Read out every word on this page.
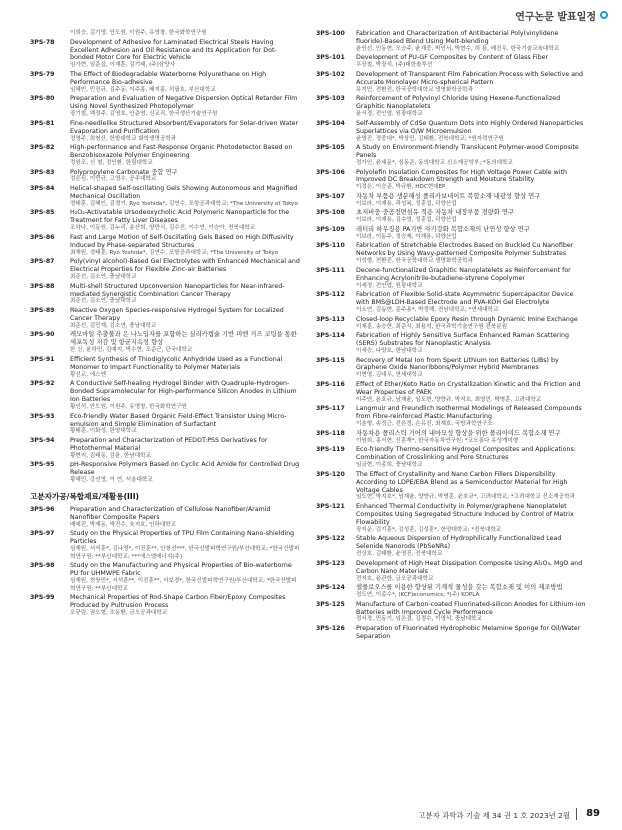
연구논문 발표일정
이희승, 김기영, 안도원, 이원주, 유영창, 한국화학연구원
3PS-78	Development of Adhesive for Laminated Electrical Steels Having Excellent Adhesion and Oil Resistance and Its Application for Dot-bonded Motor Core for Electric Vehicle
임가현, 임준섭, 이재훈, 김기태, (주)삼양사
3PS-79	The Effect of Biodegradable Waterborne Polyurethane on High Performance Bio-adhesive
임혜빈, 민진규, 김주동, 이주홍, 배지홍, 허필호, 부산대학교
3PS-80	Preparation and Evaluation of Negative Dispersion Optical Retarder Film Using Novel Synthesized Photopolymer
장기철, 백정주, 김영호, 안준영, 신교직, 한국생산기술연구원
3PS-81	Fine-needlelike Structured Absorbent/Evaporators for Solar-driven Water Evaporation and Purification
정영주, 최형산, 한밭대학교 화학생명공학과
3PS-82	High-performance and Fast-Response Organic Photodetector Based on Benzobisoxazole Polymer Engineering
정원조, 신 철, 정인환, 한림대학교
3PS-83	Polypropylene Carbonate 중합 연구
정은심, 이민규, 고영수, 공주대학교
3PS-84	Helical-shaped Self-oscillating Gels Showing Autonomous and Magnified Mechanical Oscillation
정태훈, 김혜인, 김경기, Ryo Yoshida*, 김연수, 포항공과대학교; *The University of Tokyo
3PS-85	H₂O₂-Activatable Ursodeoxycholic Acid Polymeric Nanoparticle for the Treatment for Fatty Liver Diseases
조하나, 이동원, 김누리, 송산희, 양만식, 김수진, 이수연, 이승아, 전북대학교
3PS-86	Fast and Large Motion of Self-Oscillating Gels Based on High Diffusivity Induced by Phase-separated Structures
최재원, 정태훈, Ryo Yoshida*, 김연수, 포항공과대학교; *The University of Tokyo
3PS-87	Poly(vinyl alcohol)-Based Gel Electrolytes with Enhanced Mechanical and Electrical Properties for Flexible Zinc-air Batteries
최준선, 김소연, 충남대학교
3PS-88	Multi-shell Structured Upconversion Nanoparticles for Near-infrared-mediated Synergistic Combination Cancer Therapy
최준선, 김소연, 충남대학교
3PS-89	Reactive Oxygen Species-responsive Hydrogel System for Localized Cancer Therapy
최준선, 김민재, 김소연, 충남대학교
3PS-90	캐모마일 추출물과 은 나노입자를 포함하는 실리카캡슐 기반 미엔 거즈 코팅을 통한 세포독성 저감 및 항균지속성 향상
한 신, 윤하민, 김예지, 박수현, 오준근, 단국대학교
3PS-91	Efficient Synthesis of Thiodiglycolic Anhydride Used as a Functional Monomer to Impart Functionality to Polymer Materials
황선교, 에스엔
3PS-92	A Conductive Self-healing Hydrogel Binder with Quadruple-Hydrogen-Bonded Supramolecular for High-performance Silicon Anodes in Lithium Ion Batteries
황인석, 안도원, 이원주, 유영창, 한국화학연구원
3PS-93	Eco-friendly Water Based Organic Field-Effect Transistor Using Micro-emulsion and Simple Elimination of Surfactant
황태훈, 이화성, 한양대학교
3PS-94	Preparation and Characterization of PEDOT:PSS Derivatives for Photothermal Material
황현지, 김태동, 김윤, 한남대학교
3PS-95	pH-Responsive Polymers Based on Cyclic Acid Amide for Controlled Drug Release
황혜민, 강선영, 이 연, 서울대학교
고분자가공/복합재료/재활용(III)
3PS-96	Preparation and Characterization of Cellulose Nanofiber/Aramid Nanofiber Composite Papers
배예진, 박재동, 박진수, 육지호, 인하대학교
3PS-97	Study on the Physical Properties of TPU Film Containing Nano-shielding Particles
심재원, 서석훈*, 김나영*, 이진훈**, 안창선***, 한국신발피혁연구원/부산대학교; *한국신발피혁연구원; **부산대학교; ***에스엘에너지(주)
3PS-98	Study on the Manufacturing and Physical Properties of Bio-waterborne PU for UHMWPE Fabric
심재원, 천창민*, 서석훈**, 이진훈**, 서보경*, 한국신발피혁연구원/부산대학교; *한국신발피혁연구원; **부산대학교
3PS-99	Mechanical Properties of Rod-Shape Carbon Fiber/Epoxy Composites Produced by Pultrusion Process
오규림, 권오형, 조동환, 금오공과대학교
3PS-100	Fabrication and Characterization of Antibacterial Poly(vinylidene fluoride)-Based Blend Using Melt-blending
윤인선, 민동현, 오승주, 윤재중, 박인서, 박현수, 허 용, 배진우, 한국기술교육대학교
3PS-101	Development of PU-GF Composites by Content of Glass Fiber
우장철, 박장석, (주)대한솔루션
3PS-102	Development of Transparent Film Fabrication Process with Selective and Accurate Monolayer Micro-spherical Pattern
유지민, 전환진, 한국공학대학교 생명화학공학과
3PS-103	Reinforcement of Polyvinyl Chloride Using Hexene-functionalized Graphitic Nanoplatelets
윤서경, 전인엽, 원광대학교
3PS-104	Self-Assembly of CdSe Quantum Dots into Highly Ordered Nanoparticles Superlattices via O/W Microemulsion
윤영진, 정중대*, 박상민, 김태환, 전북대학교; *원자력연구원
3PS-105	A Study on Environment-friendly Translucent Polymer-wood Composite Panels
정가인, 윤세문*, 심동준, 동의대학교 신소재공학부; *동의대학교
3PS-106	Polyolefin Insulation Composites for High Voltage Power Cable with Improved DC Breakdown Strength and Moisture Stability
이정은, 이승준, 박규환, HDC현대EP
3PS-107	자동차 부품용 생분해성 폴리카보네이트 복합소재 내광성 향상 연구
이보라, 이재용, 곽성복, 정훈섭, 덕양산업
3PS-108	초저비중 중공정면섬유 적용 자동차 내장부품 경량화 연구
이보라, 이재용, 김수영, 정훈섭, 덕양산업
3PS-109	레티리 하우징용 PA기반 자기강화 복합소재의 난연성 향상 연구
이보라, 이동주, 정승제, 이재용, 덕양산업
3PS-110	Fabrication of Stretchable Electrodes Based on Buckled Cu Nanofiber Networks by Using Wavy-patterned Composite Polymer Substrates
이성형, 전환진, 한국공학대학교 생명화학공학과
3PS-111	Decene-functionalized Graphitic Nanoplatelets as Reinforcement for Enhancing Acrylonitrile-butadiene-styrene Copolymer
이세정, 전인엽, 원광대학교
3PS-112	Fabrication of Flexible Solid-state Asymmetric Supercapacitor Device with BMS@LDH-Based Electrode and PVA-KOH Gel Electrolyte
이소연, 김동현, 문주용*, 박정해, 전남대학교; *연세대학교
3PS-113	Closed-loop Recyclable Epoxy Resin through Dynamic Imine Exchange
이재훈, 송승현, 최준식, 최용석, 한국과학기술연구원 전북분원
3PS-114	Fabrication of Highly Sensitive Surface Enhanced Raman Scattering (SERS) Substrates for Nanoplastic Analysis
이세승, 나양호, 한남대학교
3PS-115	Recovery of Metal Ion from Spent Lithium Ion Batteries (LIBs) by Graphene Oxide Nanoribbons/Polymer Hybrid Membranes
이현영, 김대우, 연세대학교
3PS-116	Effect of Ether/Keto Ratio on Crystallization Kinetic and the Friction and Wear Properties of PAEK
이주연, 윤호규, 남재윤, 임도현, 양향규, 박지호, 최영민, 박병훈, 고려대학교
3PS-117	Langmuir and Freundlich Isothermal Modelings of Released Compounds from Fibre-reinforced Plastic Manufacturing
이춘형, 송정근, 전은경, 손유진, 최재호, 국방과학연구소
3PS-118	자동차용 폴리스틱 기어의 내마모성 향상을 위한 폴리아미드 복합소재 연구
이원희, 홍서현, 신훈재*, 한국자동차연구원; *코오롱다 유성개미형
3PS-119	Eco-friendly Thermo-sensitive Hydrogel Composites and Applications: Combination of Crosslinking and Pore Structures
임금현, 이종희, 충남대학교
3PS-120	The Effect of Crystallinity and Nano Carbon Fillers Dispersibility According to LDPE/EBA Blend as a Semiconductor Material for High Voltage Cables
임도현, 박지호*, 남재윤, 양향규, 박병훈, 윤호규*, 고려대학교; *고려대학교 신소재공학과
3PS-121	Enhanced Thermal Conductivity in Polymer/graphene Nanoplatelet Composites Using Segregated Structure Induced by Control of Matrix Flowability
장지운, 김기훈*, 김성훈, 김성훈*, 한양대학교; *전북대학교
3PS-122	Stable Aqueous Dispersion of Hydrophilically Functionalized Lead Selenide Nanorods (PbSeNRs)
전상호, 김태환, 윤영진, 전북대학교
3PS-123	Development of High Heat Dissipation Composite Using Al₂O₃, MgO and Carbon Nano Materials
전지호, 윤관한, 금오공과대학교
3PS-124	셀룰로오스를 이용한 향상된 기계적 물성을 갖는 복합소재 및 이의 제조방법
정도연, 이종수*, (KCF)economics; *(주) KOPLA
3PS-125	Manufacture of Carbon-coated Fluorinated-silicon Anodes for Lithium-ion Batteries with Improved Cycle Performance
정서경, 민동기, 임은결, 김경수, 이영석, 충남대학교
3PS-126	Preparation of Fluorinated Hydrophobic Melamine Sponge for Oil/Water Separation
고분자 과학과 기술 제 34 권 1 호 2023년 2월 89
